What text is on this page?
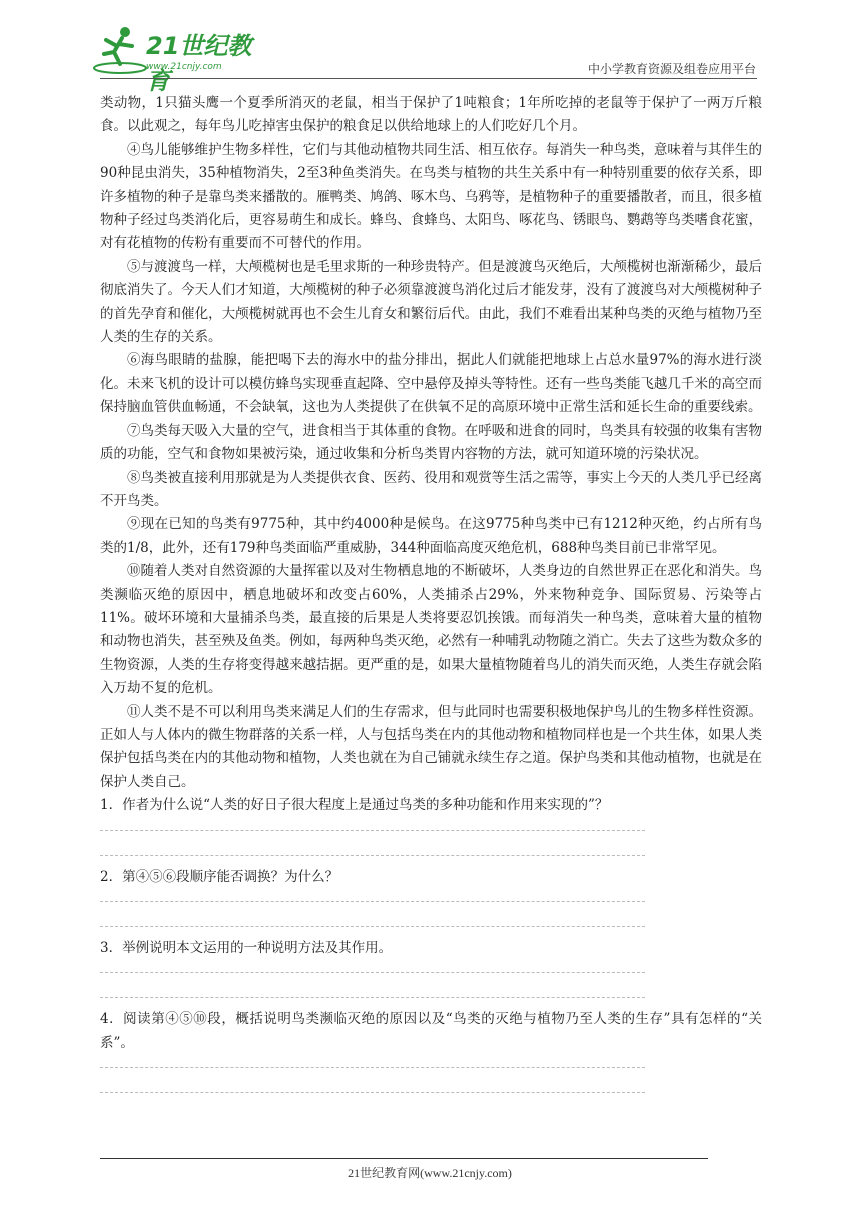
21世纪教育
www.21cnjy.com	中小学教育资源及组卷应用平台

类动物，1只猫头鹰一个夏季所消灭的老鼠，相当于保护了1吨粮食；1年所吃掉的老鼠等于保护了一两万斤粮食。以此观之，每年鸟儿吃掉害虫保护的粮食足以供给地球上的人们吃好几个月。

④鸟儿能够维护生物多样性，它们与其他动植物共同生活、相互依存。每消失一种鸟类，意味着与其伴生的90种昆虫消失，35种植物消失，2至3种鱼类消失。在鸟类与植物的共生关系中有一种特别重要的依存关系，即许多植物的种子是靠鸟类来播散的。雁鸭类、鸠鸽、啄木鸟、乌鸦等，是植物种子的重要播散者，而且，很多植物种子经过鸟类消化后，更容易萌生和成长。蜂鸟、食蜂鸟、太阳鸟、啄花鸟、锈眼鸟、鹦鹉等鸟类嗜食花蜜，对有花植物的传粉有重要而不可替代的作用。

⑤与渡渡鸟一样，大颅榄树也是毛里求斯的一种珍贵特产。但是渡渡鸟灭绝后，大颅榄树也渐渐稀少，最后彻底消失了。今天人们才知道，大颅榄树的种子必须靠渡渡鸟消化过后才能发芽，没有了渡渡鸟对大颅榄树种子的首先孕育和催化，大颅榄树就再也不会生儿育女和繁衍后代。由此，我们不难看出某种鸟类的灭绝与植物乃至人类的生存的关系。

⑥海鸟眼睛的盐腺，能把喝下去的海水中的盐分排出，据此人们就能把地球上占总水量97%的海水进行淡化。未来飞机的设计可以模仿蜂鸟实现垂直起降、空中悬停及掉头等特性。还有一些鸟类能飞越几千米的高空而保持脑血管供血畅通，不会缺氧，这也为人类提供了在供氧不足的高原环境中正常生活和延长生命的重要线索。

⑦鸟类每天吸入大量的空气，进食相当于其体重的食物。在呼吸和进食的同时，鸟类具有较强的收集有害物质的功能，空气和食物如果被污染，通过收集和分析鸟类胃内容物的方法，就可知道环境的污染状况。

⑧鸟类被直接利用那就是为人类提供衣食、医药、役用和观赏等生活之需等，事实上今天的人类几乎已经离不开鸟类。

⑨现在已知的鸟类有9775种，其中约4000种是候鸟。在这9775种鸟类中已有1212种灭绝，约占所有鸟类的1/8，此外，还有179种鸟类面临严重威胁，344种面临高度灭绝危机，688种鸟类目前已非常罕见。

⑩随着人类对自然资源的大量挥霍以及对生物栖息地的不断破坏，人类身边的自然世界正在恶化和消失。鸟类濒临灭绝的原因中，栖息地破坏和改变占60%，人类捕杀占29%，外来物种竞争、国际贸易、污染等占11%。破坏环境和大量捕杀鸟类，最直接的后果是人类将要忍饥挨饿。而每消失一种鸟类，意味着大量的植物和动物也消失，甚至殃及鱼类。例如，每两种鸟类灭绝，必然有一种哺乳动物随之消亡。失去了这些为数众多的生物资源，人类的生存将变得越来越拮据。更严重的是，如果大量植物随着鸟儿的消失而灭绝，人类生存就会陷入万劫不复的危机。

⑪人类不是不可以利用鸟类来满足人们的生存需求，但与此同时也需要积极地保护鸟儿的生物多样性资源。正如人与人体内的微生物群落的关系一样，人与包括鸟类在内的其他动物和植物同样也是一个共生体，如果人类保护包括鸟类在内的其他动物和植物，人类也就在为自己铺就永续生存之道。保护鸟类和其他动植物，也就是在保护人类自己。

1．作者为什么说“人类的好日子很大程度上是通过鸟类的多种功能和作用来实现的”？

2．第④⑤⑥段顺序能否调换？为什么？

3．举例说明本文运用的一种说明方法及其作用。

4．阅读第④⑤⑩段，概括说明鸟类濒临灭绝的原因以及“鸟类的灭绝与植物乃至人类的生存”具有怎样的“关系”。

21世纪教育网(www.21cnjy.com)
